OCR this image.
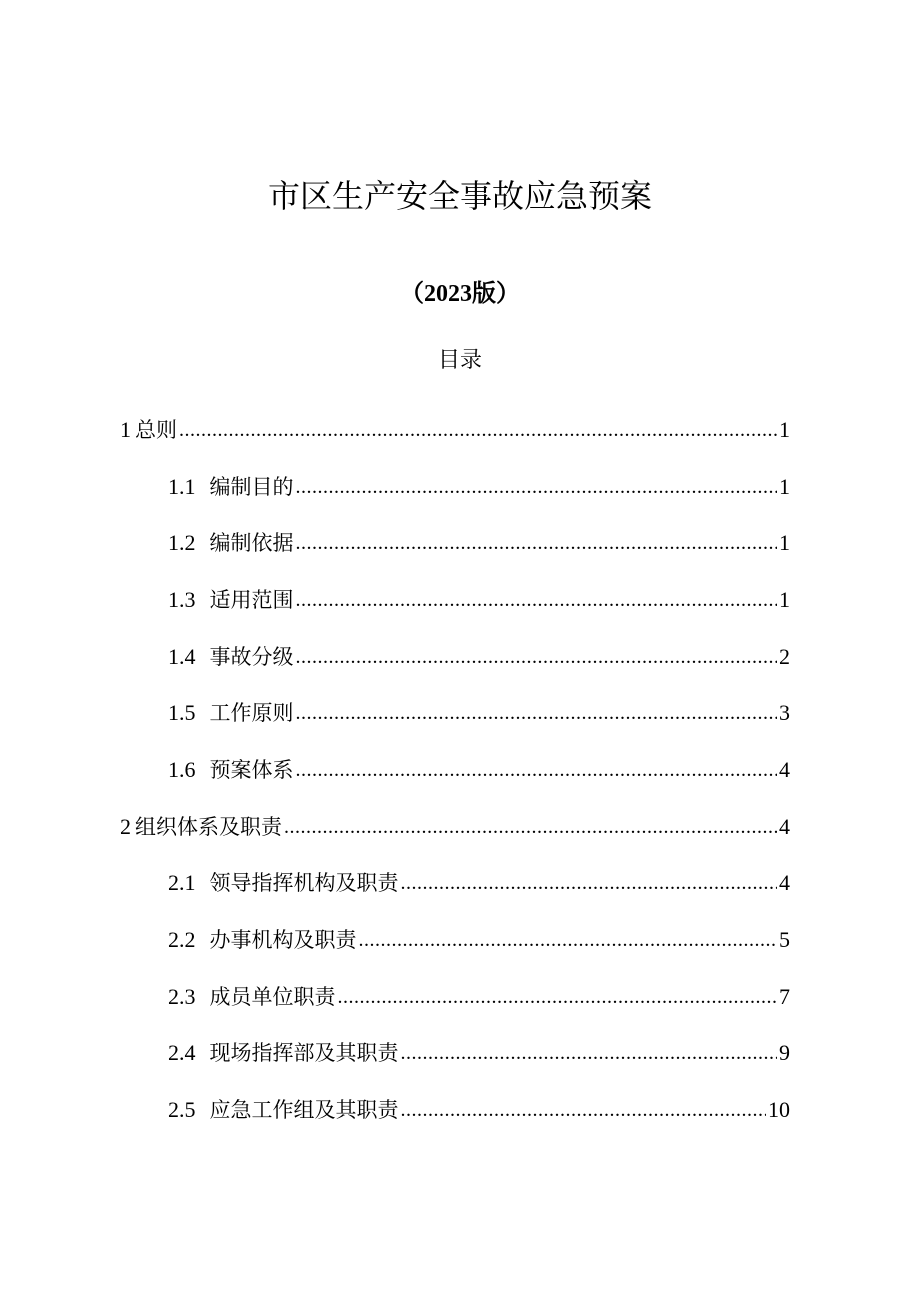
市区生产安全事故应急预案
（2023版）
目录
1 总则 .....	1
1.1 编制目的 .....	1
1.2 编制依据 .....	1
1.3 适用范围 .....	1
1.4 事故分级 .....	2
1.5 工作原则 .....	3
1.6 预案体系 .....	4
2 组织体系及职责 .....	4
2.1 领导指挥机构及职责 .....	4
2.2 办事机构及职责 .....	5
2.3 成员单位职责 .....	7
2.4 现场指挥部及其职责 .....	9
2.5 应急工作组及其职责 .....	10
